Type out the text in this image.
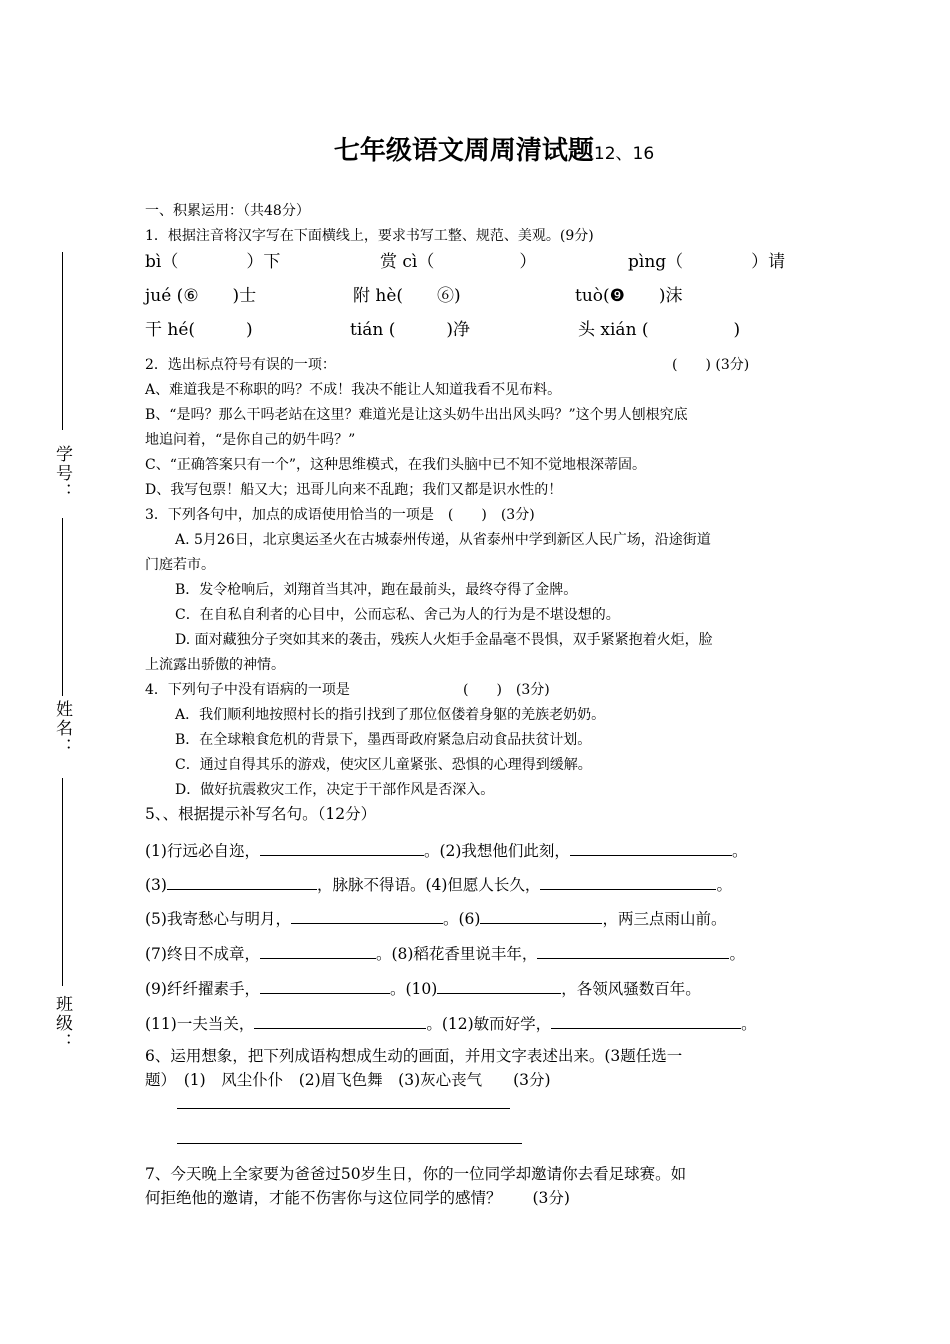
七年级语文周周清试题12、16
学号：
姓名：
班级：
一、积累运用：（共48分）
1．根据注音将汉字写在下面横线上，要求书写工整、规范、美观。(9分)
bì（　　　　）下	赏 cì（　　　　　）	pìng（　　　　）请
jué (⑥　　)士	附 hè(　　⑥)	tuò(❾　　)沫
干 hé(　　　)	tián (　　　)净	头 xián (　　　　　)
2．选出标点符号有误的一项：	(　　) (3分)
A、难道我是不称职的吗？不成！我决不能让人知道我看不见布料。
B、“是吗？那么干吗老站在这里？难道光是让这头奶牛出出风头吗？”这个男人刨根究底
地追问着，“是你自己的奶牛吗？”
C、“正确答案只有一个”，这种思维模式，在我们头脑中已不知不觉地根深蒂固。
D、我写包票！船又大；迅哥儿向来不乱跑；我们又都是识水性的！
3．下列各句中，加点的成语使用恰当的一项是　(　　)　(3分)
A. 5月26日，北京奥运圣火在古城泰州传递，从省泰州中学到新区人民广场，沿途街道
门庭若市。
B．发令枪响后，刘翔首当其冲，跑在最前头，最终夺得了金牌。
C．在自私自利者的心目中，公而忘私、舍己为人的行为是不堪设想的。
D. 面对藏独分子突如其来的袭击，残疾人火炬手金晶毫不畏惧，双手紧紧抱着火炬，脸
上流露出骄傲的神情。
4．下列句子中没有语病的一项是	(　　)　(3分)
A．我们顺利地按照村长的指引找到了那位伛偻着身躯的羌族老奶奶。
B．在全球粮食危机的背景下，墨西哥政府紧急启动食品扶贫计划。
C．通过自得其乐的游戏，使灾区儿童紧张、恐惧的心理得到缓解。
D．做好抗震救灾工作，决定于干部作风是否深入。
5、、根据提示补写名句。（12分）
(1)行远必自迩，	。(2)我想他们此刻，	。
(3)	，脉脉不得语。(4)但愿人长久，	。
(5)我寄愁心与明月，	。(6)	，两三点雨山前。
(7)终日不成章，	。(8)稻花香里说丰年，	。
(9)纤纤擢素手，	。(10)	，各领风骚数百年。
(11)一夫当关，	。(12)敏而好学，	。
6、运用想象，把下列成语构想成生动的画面，并用文字表述出来。(3题任选一
题）　(1)　风尘仆仆　(2)眉飞色舞　(3)灰心丧气　　(3分)
7、今天晚上全家要为爸爸过50岁生日，你的一位同学却邀请你去看足球赛。如
何拒绝他的邀请，才能不伤害你与这位同学的感情？　　(3分)
